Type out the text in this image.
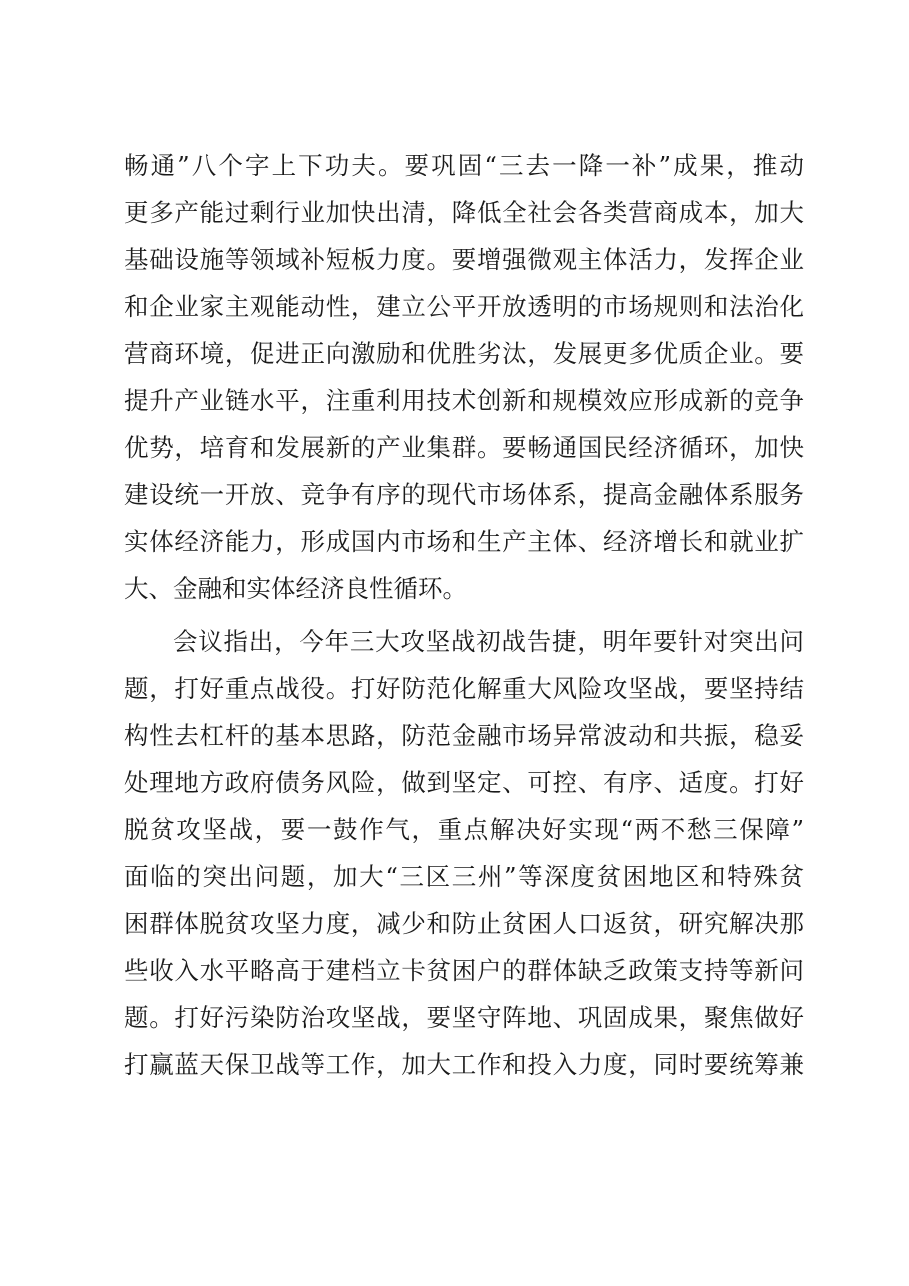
畅通”八个字上下功夫。要巩固“三去一降一补”成果，推动
更多产能过剩行业加快出清，降低全社会各类营商成本，加大
基础设施等领域补短板力度。要增强微观主体活力，发挥企业
和企业家主观能动性，建立公平开放透明的市场规则和法治化
营商环境，促进正向激励和优胜劣汰，发展更多优质企业。要
提升产业链水平，注重利用技术创新和规模效应形成新的竞争
优势，培育和发展新的产业集群。要畅通国民经济循环，加快
建设统一开放、竞争有序的现代市场体系，提高金融体系服务
实体经济能力，形成国内市场和生产主体、经济增长和就业扩
大、金融和实体经济良性循环。
会议指出，今年三大攻坚战初战告捷，明年要针对突出问
题，打好重点战役。打好防范化解重大风险攻坚战，要坚持结
构性去杠杆的基本思路，防范金融市场异常波动和共振，稳妥
处理地方政府债务风险，做到坚定、可控、有序、适度。打好
脱贫攻坚战，要一鼓作气，重点解决好实现“两不愁三保障”
面临的突出问题，加大“三区三州”等深度贫困地区和特殊贫
困群体脱贫攻坚力度，减少和防止贫困人口返贫，研究解决那
些收入水平略高于建档立卡贫困户的群体缺乏政策支持等新问
题。打好污染防治攻坚战，要坚守阵地、巩固成果，聚焦做好
打赢蓝天保卫战等工作，加大工作和投入力度，同时要统筹兼
